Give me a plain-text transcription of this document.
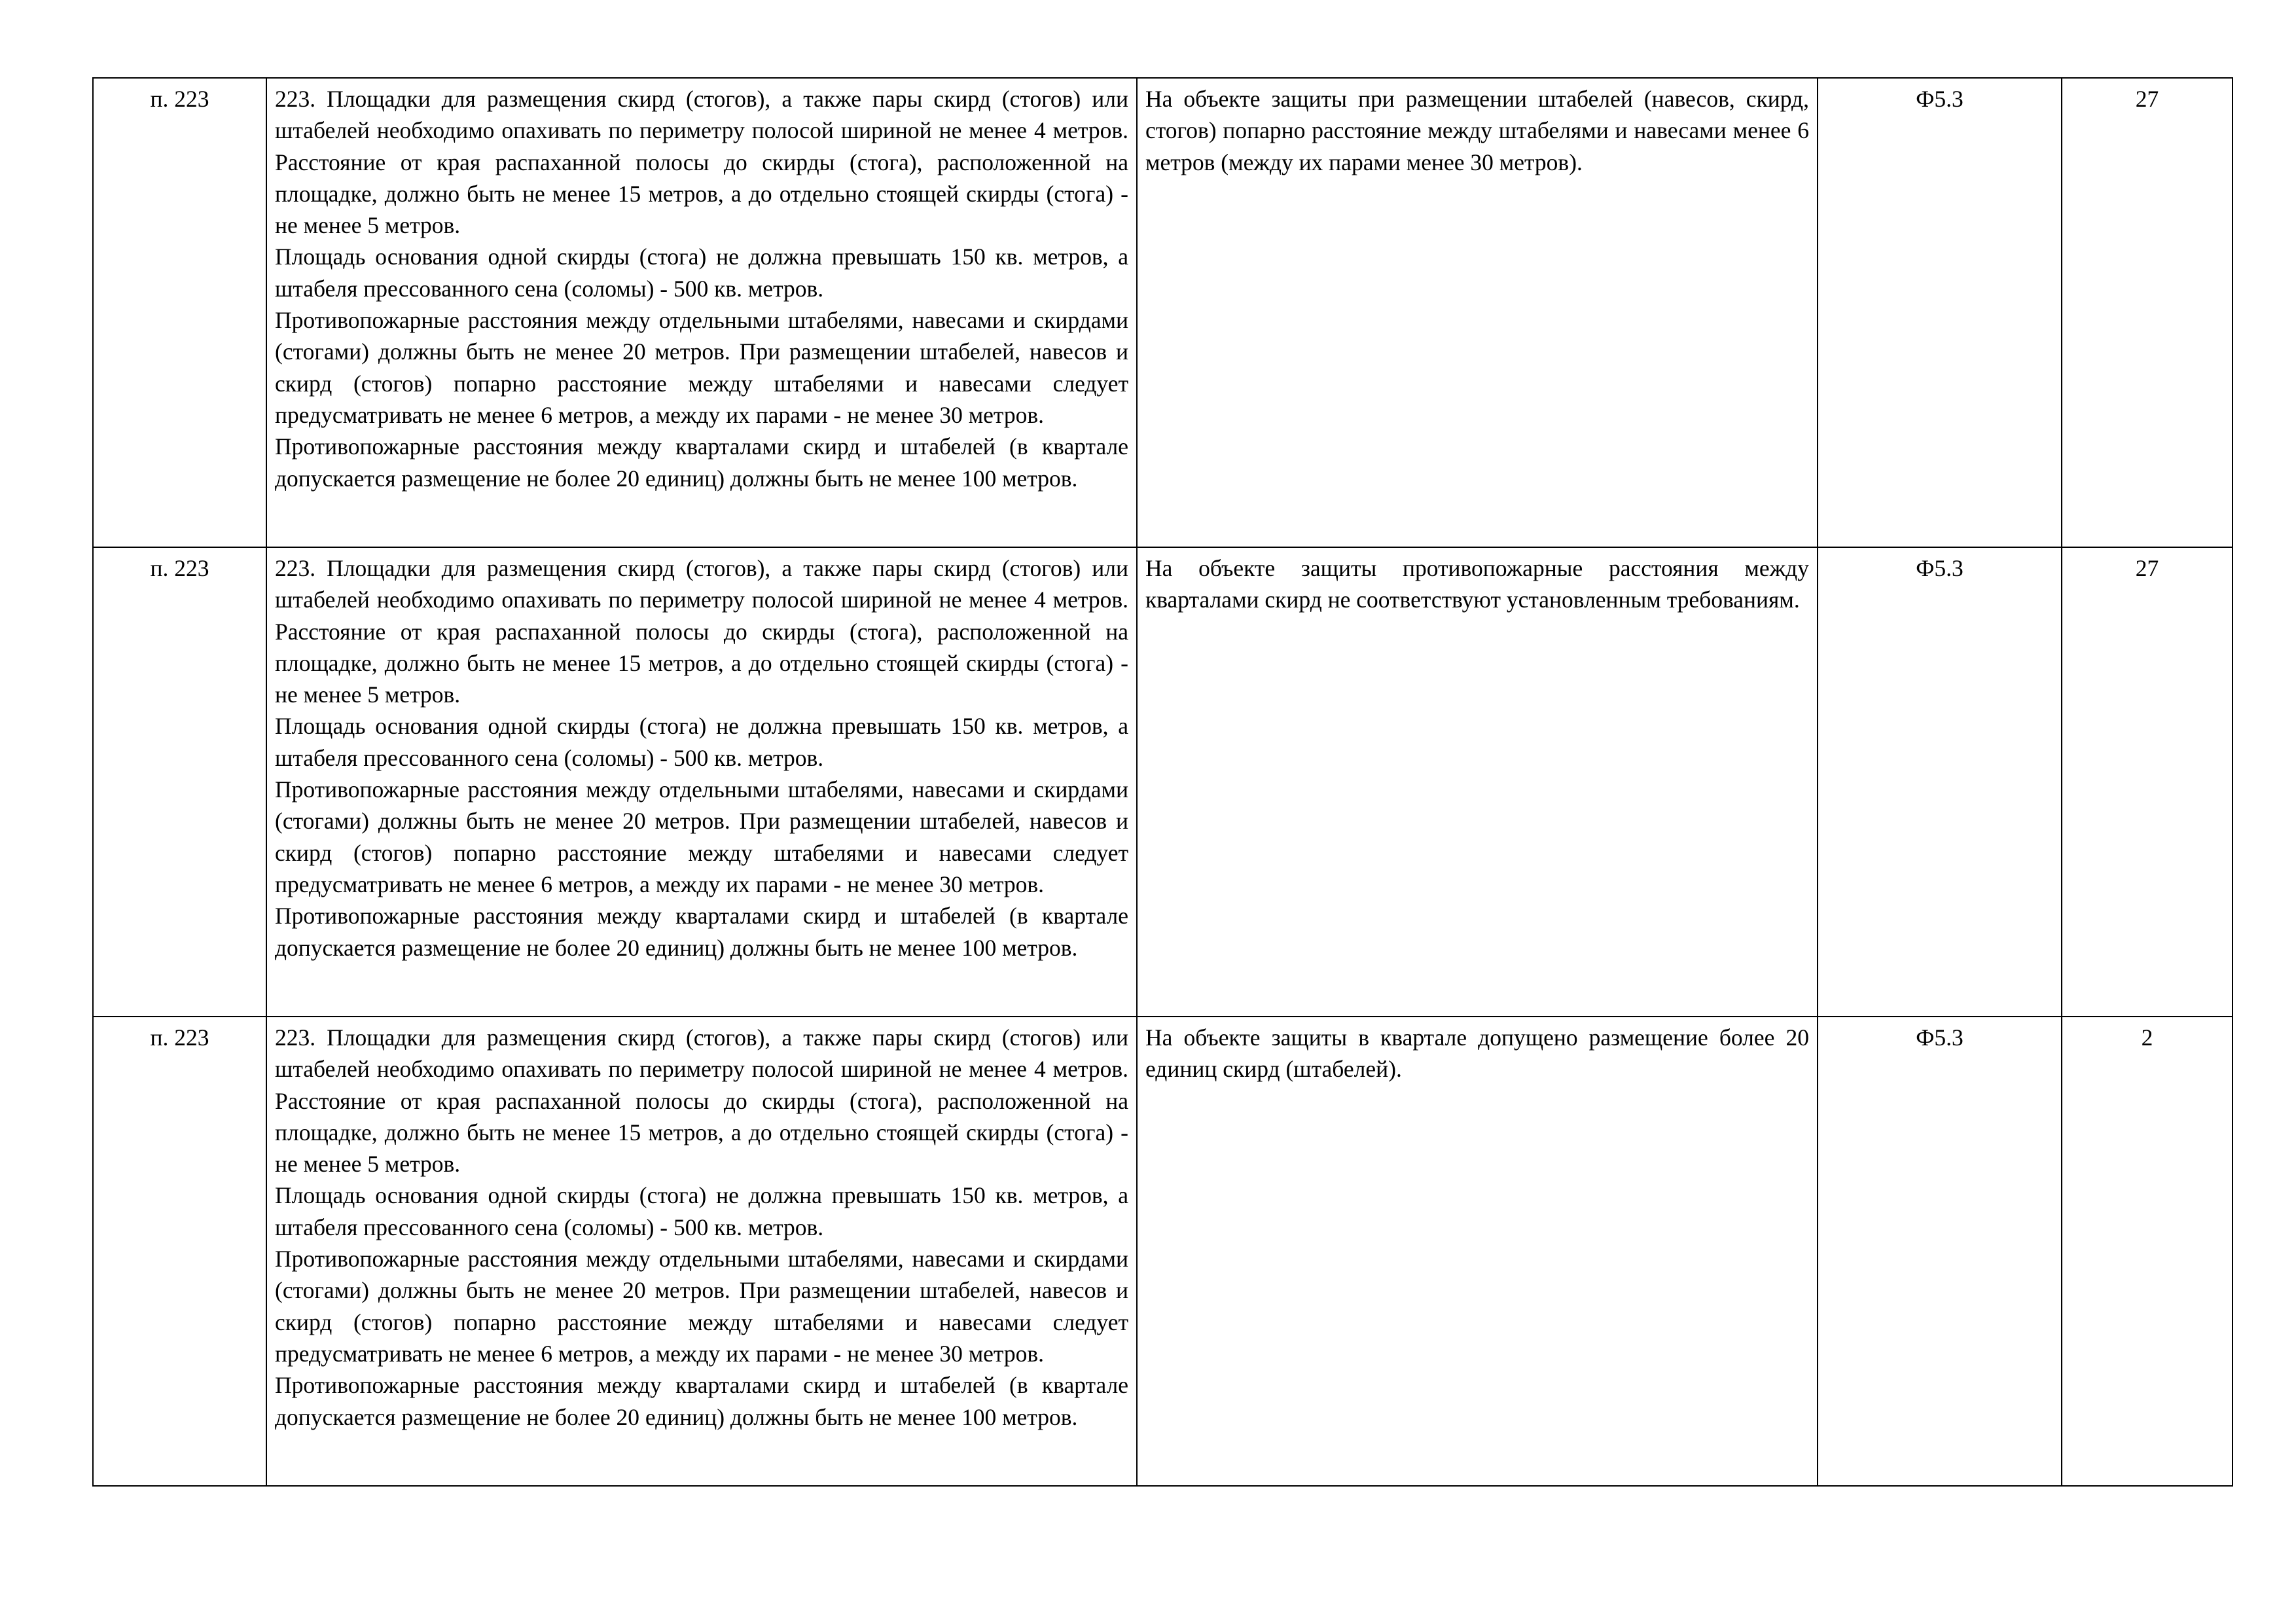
п. 223	223. Площадки для размещения скирд (стогов), а также пары скирд (стогов) или штабелей необходимо опахивать по периметру полосой шириной не менее 4 метров. Расстояние от края распаханной полосы до скирды (стога), расположенной на площадке, должно быть не менее 15 метров, а до отдельно стоящей скирды (стога) - не менее 5 метров.
Площадь основания одной скирды (стога) не должна превышать 150 кв. метров, а штабеля прессованного сена (соломы) - 500 кв. метров.
Противопожарные расстояния между отдельными штабелями, навесами и скирдами (стогами) должны быть не менее 20 метров. При размещении штабелей, навесов и скирд (стогов) попарно расстояние между штабелями и навесами следует предусматривать не менее 6 метров, а между их парами - не менее 30 метров.
Противопожарные расстояния между кварталами скирд и штабелей (в квартале допускается размещение не более 20 единиц) должны быть не менее 100 метров.	На объекте защиты при размещении штабелей (навесов, скирд, стогов) попарно расстояние между штабелями и навесами менее 6 метров (между их парами менее 30 метров).	Ф5.3	27
п. 223	223. Площадки для размещения скирд (стогов), а также пары скирд (стогов) или штабелей необходимо опахивать по периметру полосой шириной не менее 4 метров. Расстояние от края распаханной полосы до скирды (стога), расположенной на площадке, должно быть не менее 15 метров, а до отдельно стоящей скирды (стога) - не менее 5 метров.
Площадь основания одной скирды (стога) не должна превышать 150 кв. метров, а штабеля прессованного сена (соломы) - 500 кв. метров.
Противопожарные расстояния между отдельными штабелями, навесами и скирдами (стогами) должны быть не менее 20 метров. При размещении штабелей, навесов и скирд (стогов) попарно расстояние между штабелями и навесами следует предусматривать не менее 6 метров, а между их парами - не менее 30 метров.
Противопожарные расстояния между кварталами скирд и штабелей (в квартале допускается размещение не более 20 единиц) должны быть не менее 100 метров.	На объекте защиты противопожарные расстояния между кварталами скирд не соответствуют установленным требованиям.	Ф5.3	27
п. 223	223. Площадки для размещения скирд (стогов), а также пары скирд (стогов) или штабелей необходимо опахивать по периметру полосой шириной не менее 4 метров. Расстояние от края распаханной полосы до скирды (стога), расположенной на площадке, должно быть не менее 15 метров, а до отдельно стоящей скирды (стога) - не менее 5 метров.
Площадь основания одной скирды (стога) не должна превышать 150 кв. метров, а штабеля прессованного сена (соломы) - 500 кв. метров.
Противопожарные расстояния между отдельными штабелями, навесами и скирдами (стогами) должны быть не менее 20 метров. При размещении штабелей, навесов и скирд (стогов) попарно расстояние между штабелями и навесами следует предусматривать не менее 6 метров, а между их парами - не менее 30 метров.
Противопожарные расстояния между кварталами скирд и штабелей (в квартале допускается размещение не более 20 единиц) должны быть не менее 100 метров.	На объекте защиты в квартале допущено размещение более 20 единиц скирд (штабелей).	Ф5.3	2
